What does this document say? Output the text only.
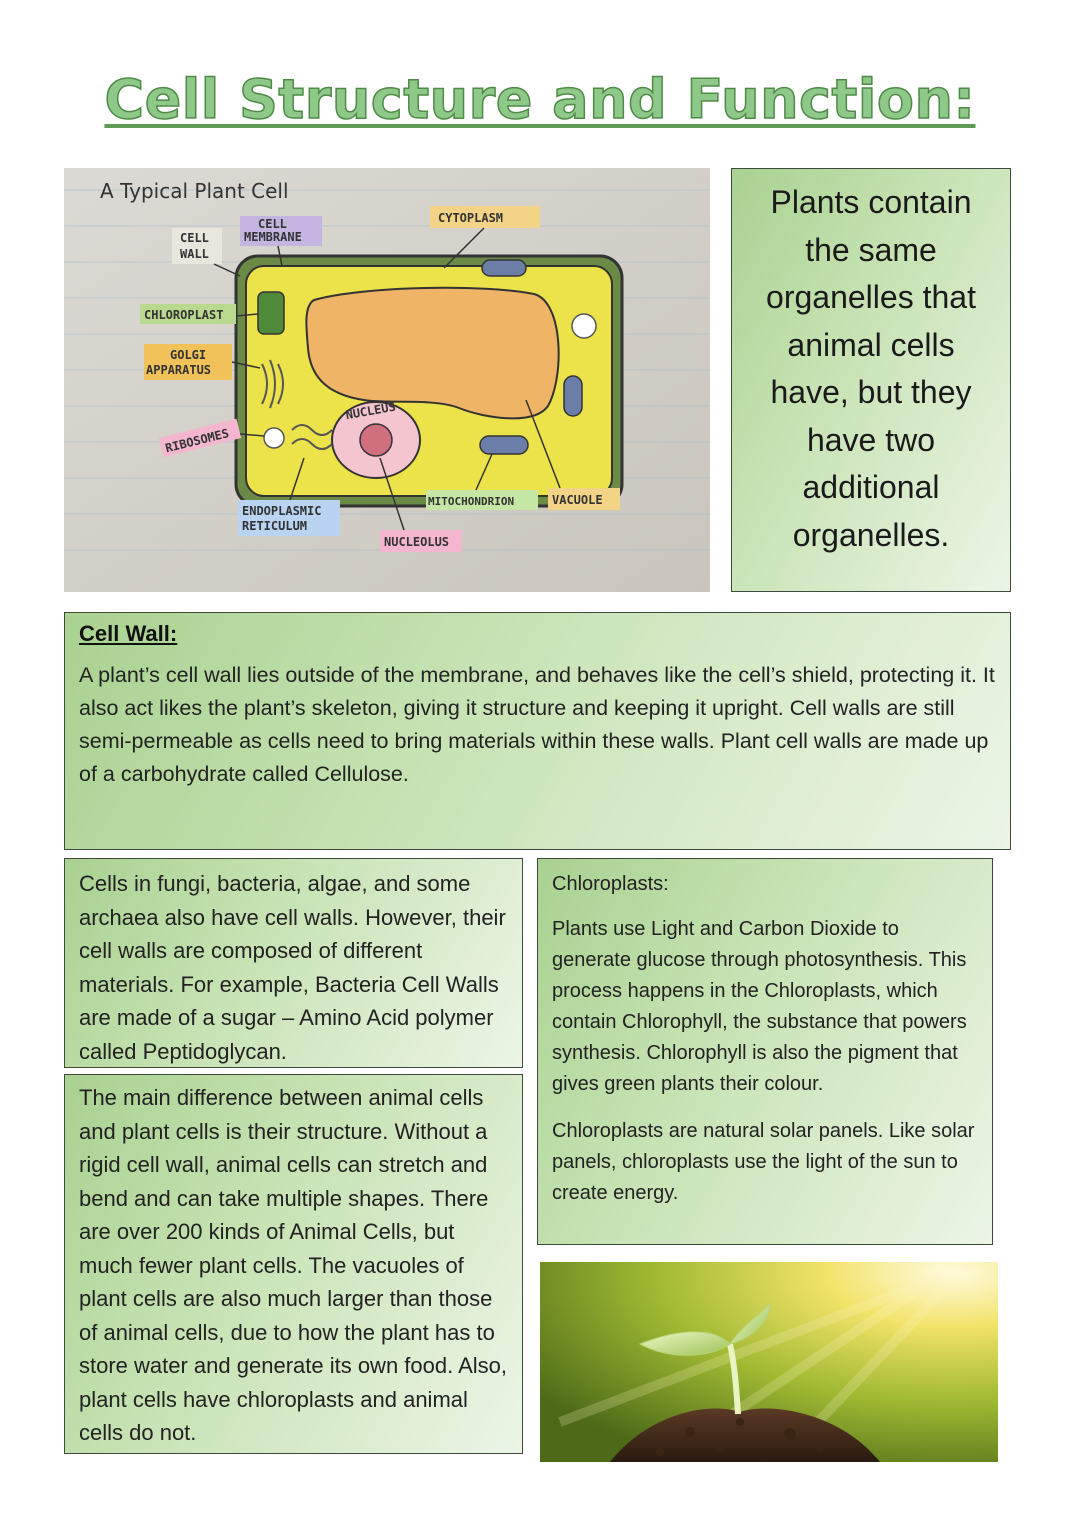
Cell Structure and Function:
A Typical Plant Cell
CELL
WALL
CELL
MEMBRANE
CYTOPLASM
CHLOROPLAST
GOLGI
APPARATUS
RIBOSOMES
ENDOPLASMIC
RETICULUM
NUCLEUS
MITOCHONDRION	VACUOLE
NUCLEOLUS
Plants contain the same organelles that animal cells have, but they have two additional organelles.

Cell Wall:

A plant’s cell wall lies outside of the membrane, and behaves like the cell’s shield, protecting it. It also act likes the plant’s skeleton, giving it structure and keeping it upright. Cell walls are still semi-permeable as cells need to bring materials within these walls. Plant cell walls are made up of a carbohydrate called Cellulose.

Cells in fungi, bacteria, algae, and some archaea also have cell walls. However, their cell walls are composed of different materials. For example, Bacteria Cell Walls are made of a sugar – Amino Acid polymer called Peptidoglycan.
The main difference between animal cells and plant cells is their structure. Without a rigid cell wall, animal cells can stretch and bend and can take multiple shapes. There are over 200 kinds of Animal Cells, but much fewer plant cells. The vacuoles of plant cells are also much larger than those of animal cells, due to how the plant has to store water and generate its own food. Also, plant cells have chloroplasts and animal cells do not.

Chloroplasts:

Plants use Light and Carbon Dioxide to generate glucose through photosynthesis. This process happens in the Chloroplasts, which contain Chlorophyll, the substance that powers synthesis. Chlorophyll is also the pigment that gives green plants their colour.

Chloroplasts are natural solar panels. Like solar panels, chloroplasts use the light of the sun to create energy.
